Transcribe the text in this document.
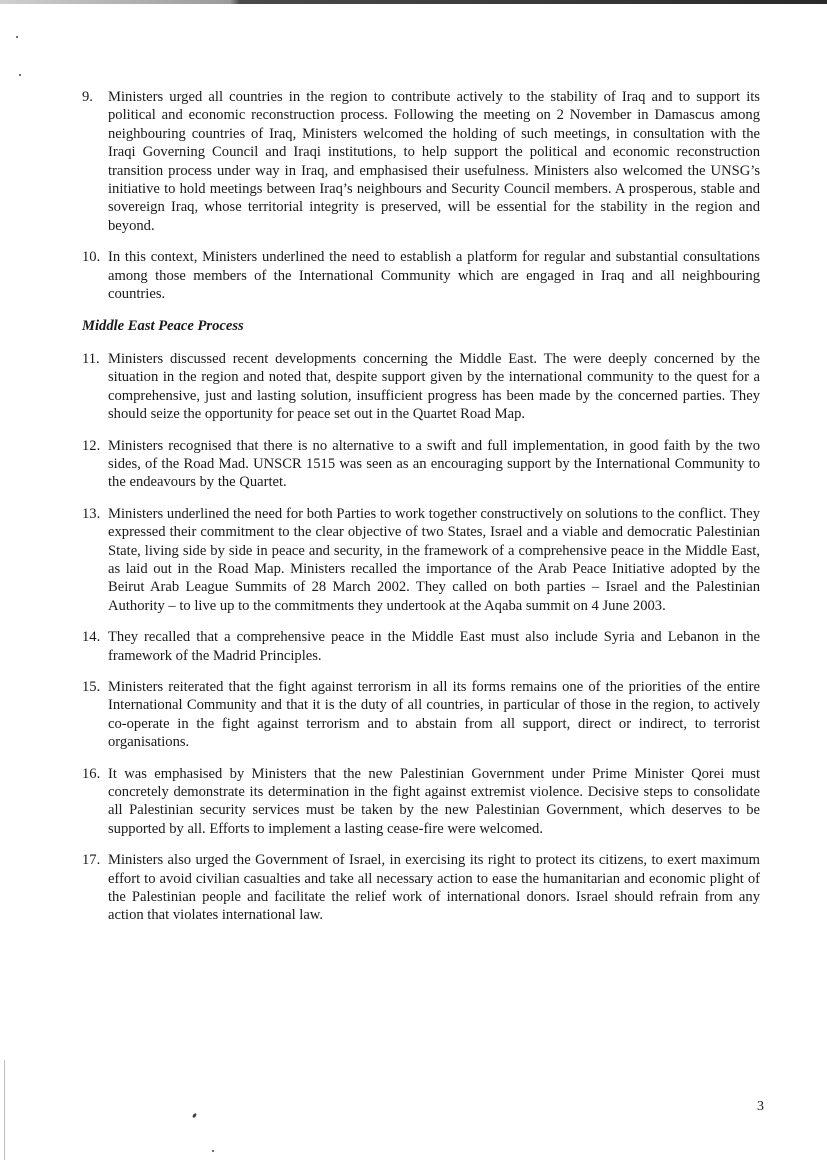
9. Ministers urged all countries in the region to contribute actively to the stability of Iraq and to support its political and economic reconstruction process. Following the meeting on 2 November in Damascus among neighbouring countries of Iraq, Ministers welcomed the holding of such meetings, in consultation with the Iraqi Governing Council and Iraqi institutions, to help support the political and economic reconstruction transition process under way in Iraq, and emphasised their usefulness. Ministers also welcomed the UNSG’s initiative to hold meetings between Iraq’s neighbours and Security Council members. A prosperous, stable and sovereign Iraq, whose territorial integrity is preserved, will be essential for the stability in the region and beyond.
10. In this context, Ministers underlined the need to establish a platform for regular and substantial consultations among those members of the International Community which are engaged in Iraq and all neighbouring countries.
Middle East Peace Process
11. Ministers discussed recent developments concerning the Middle East. The were deeply concerned by the situation in the region and noted that, despite support given by the international community to the quest for a comprehensive, just and lasting solution, insufficient progress has been made by the concerned parties. They should seize the opportunity for peace set out in the Quartet Road Map.
12. Ministers recognised that there is no alternative to a swift and full implementation, in good faith by the two sides, of the Road Mad. UNSCR 1515 was seen as an encouraging support by the International Community to the endeavours by the Quartet.
13. Ministers underlined the need for both Parties to work together constructively on solutions to the conflict. They expressed their commitment to the clear objective of two States, Israel and a viable and democratic Palestinian State, living side by side in peace and security, in the framework of a comprehensive peace in the Middle East, as laid out in the Road Map. Ministers recalled the importance of the Arab Peace Initiative adopted by the Beirut Arab League Summits of 28 March 2002. They called on both parties – Israel and the Palestinian Authority – to live up to the commitments they undertook at the Aqaba summit on 4 June 2003.
14. They recalled that a comprehensive peace in the Middle East must also include Syria and Lebanon in the framework of the Madrid Principles.
15. Ministers reiterated that the fight against terrorism in all its forms remains one of the priorities of the entire International Community and that it is the duty of all countries, in particular of those in the region, to actively co-operate in the fight against terrorism and to abstain from all support, direct or indirect, to terrorist organisations.
16. It was emphasised by Ministers that the new Palestinian Government under Prime Minister Qorei must concretely demonstrate its determination in the fight against extremist violence. Decisive steps to consolidate all Palestinian security services must be taken by the new Palestinian Government, which deserves to be supported by all. Efforts to implement a lasting cease-fire were welcomed.
17. Ministers also urged the Government of Israel, in exercising its right to protect its citizens, to exert maximum effort to avoid civilian casualties and take all necessary action to ease the humanitarian and economic plight of the Palestinian people and facilitate the relief work of international donors. Israel should refrain from any action that violates international law.
3
